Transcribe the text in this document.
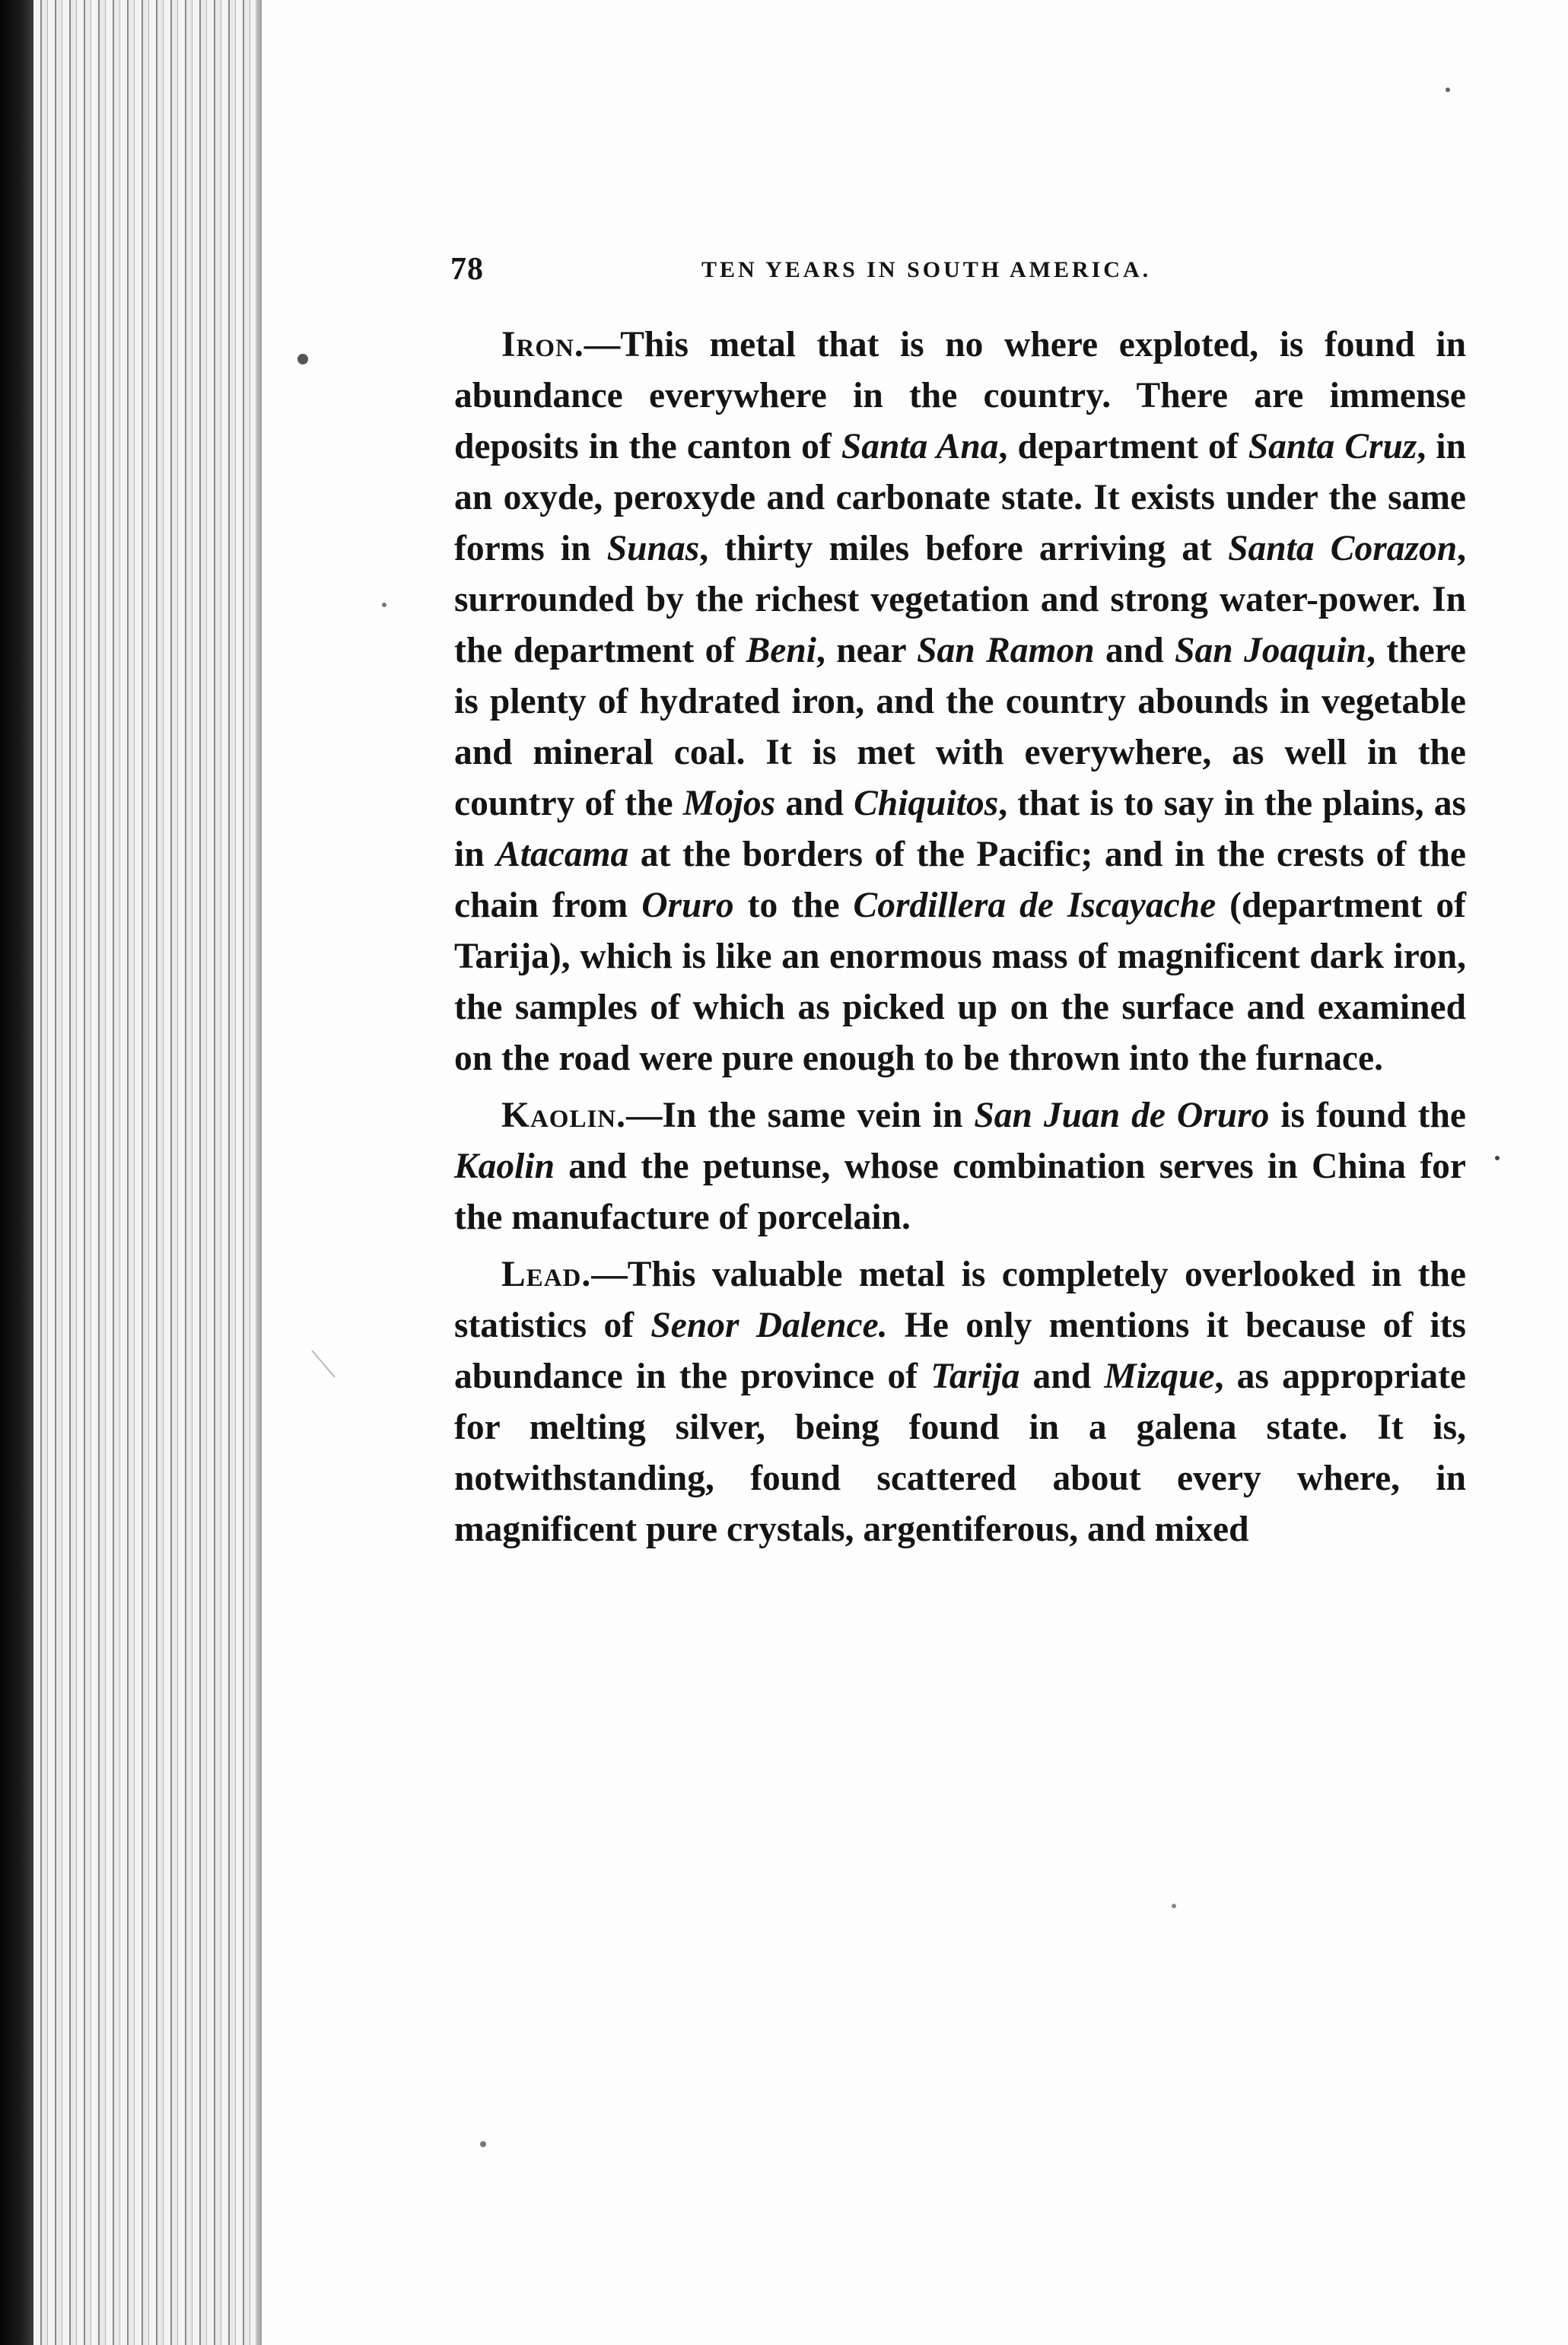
78	TEN YEARS IN SOUTH AMERICA.

Iron.—This metal that is no where exploted, is found in abundance everywhere in the country. There are immense deposits in the canton of Santa Ana, department of Santa Cruz, in an oxyde, peroxyde and carbonate state. It exists under the same forms in Sunas, thirty miles before arriving at Santa Corazon, surrounded by the richest vegetation and strong water-power. In the department of Beni, near San Ramon and San Joaquin, there is plenty of hydrated iron, and the country abounds in vegetable and mineral coal. It is met with everywhere, as well in the country of the Mojos and Chiquitos, that is to say in the plains, as in Atacama at the borders of the Pacific; and in the crests of the chain from Oruro to the Cordillera de Iscayache (department of Tarija), which is like an enormous mass of magnificent dark iron, the samples of which as picked up on the surface and examined on the road were pure enough to be thrown into the furnace.

Kaolin.—In the same vein in San Juan de Oruro is found the Kaolin and the petunse, whose combination serves in China for the manufacture of porcelain.

Lead.—This valuable metal is completely overlooked in the statistics of Senor Dalence. He only mentions it because of its abundance in the province of Tarija and Mizque, as appropriate for melting silver, being found in a galena state. It is, notwithstanding, found scattered about every where, in magnificent pure crystals, argentiferous, and mixed
